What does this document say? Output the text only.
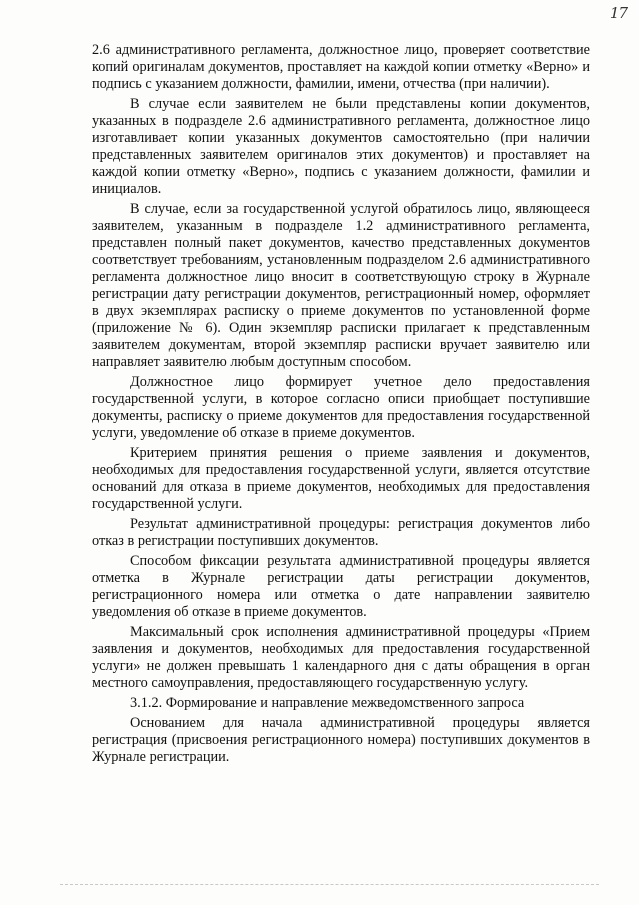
17

2.6 административного регламента, должностное лицо, проверяет соответствие копий оригиналам документов, проставляет на каждой копии отметку «Верно» и подпись с указанием должности, фамилии, имени, отчества (при наличии).

В случае если заявителем не были представлены копии документов, указанных в подразделе 2.6 административного регламента, должностное лицо изготавливает копии указанных документов самостоятельно (при наличии представленных заявителем оригиналов этих документов) и проставляет на каждой копии отметку «Верно», подпись с указанием должности, фамилии и инициалов.

В случае, если за государственной услугой обратилось лицо, являющееся заявителем, указанным в подразделе 1.2 административного регламента, представлен полный пакет документов, качество представленных документов соответствует требованиям, установленным подразделом 2.6 административного регламента должностное лицо вносит в соответствующую строку в Журнале регистрации дату регистрации документов, регистрационный номер, оформляет в двух экземплярах расписку о приеме документов по установленной форме (приложение № 6). Один экземпляр расписки прилагает к представленным заявителем документам, второй экземпляр расписки вручает заявителю или направляет заявителю любым доступным способом.

Должностное лицо формирует учетное дело предоставления государственной услуги, в которое согласно описи приобщает поступившие документы, расписку о приеме документов для предоставления государственной услуги, уведомление об отказе в приеме документов.

Критерием принятия решения о приеме заявления и документов, необходимых для предоставления государственной услуги, является отсутствие оснований для отказа в приеме документов, необходимых для предоставления государственной услуги.

Результат административной процедуры: регистрация документов либо отказ в регистрации поступивших документов.

Способом фиксации результата административной процедуры является отметка в Журнале регистрации даты регистрации документов, регистрационного номера или отметка о дате направлении заявителю уведомления об отказе в приеме документов.

Максимальный срок исполнения административной процедуры «Прием заявления и документов, необходимых для предоставления государственной услуги» не должен превышать 1 календарного дня с даты обращения в орган местного самоуправления, предоставляющего государственную услугу.

3.1.2. Формирование и направление межведомственного запроса

Основанием для начала административной процедуры является регистрация (присвоения регистрационного номера) поступивших документов в Журнале регистрации.
